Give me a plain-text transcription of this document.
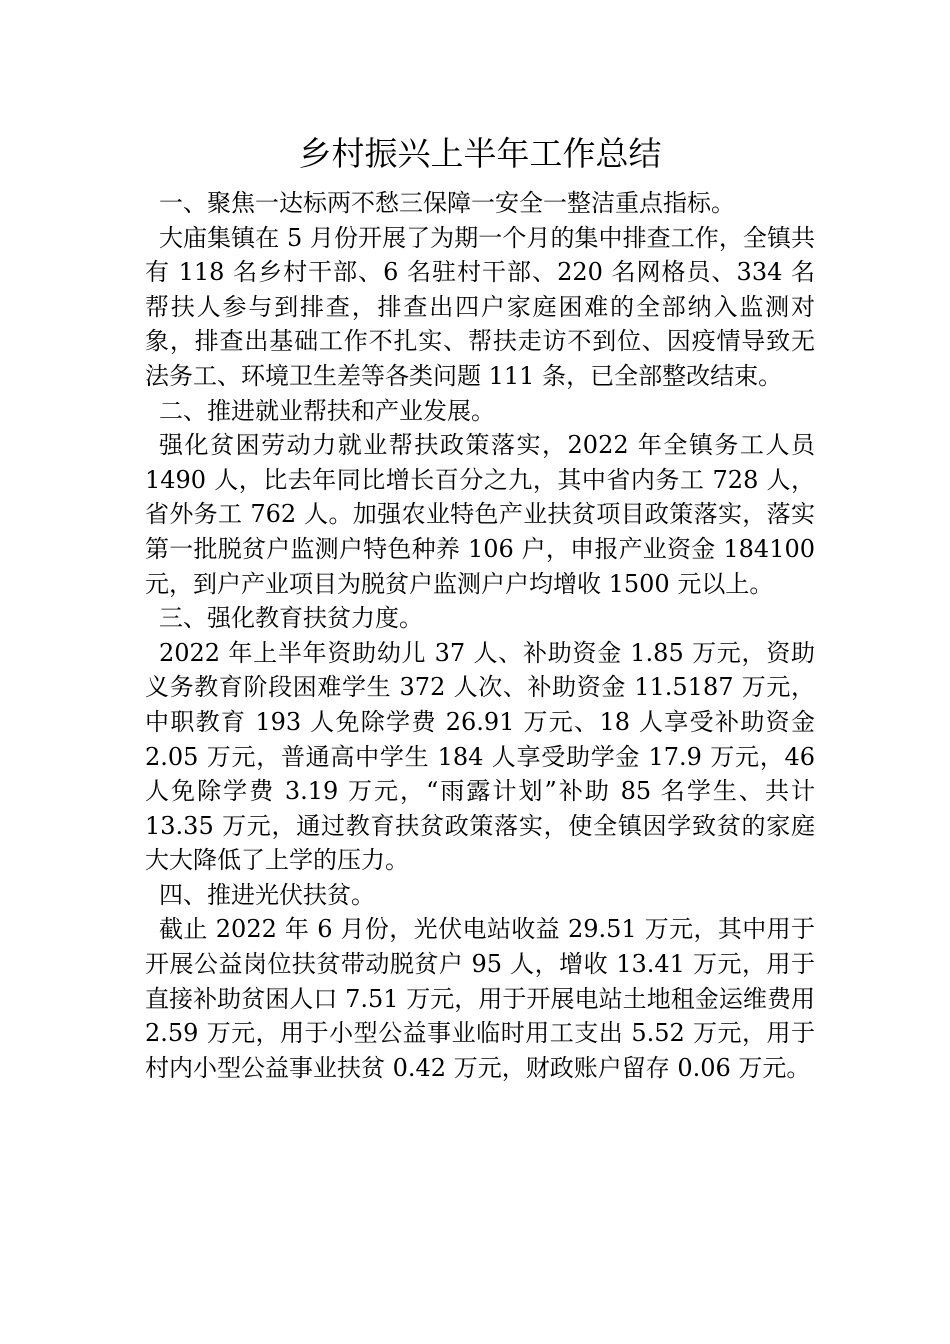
乡村振兴上半年工作总结

一、聚焦一达标两不愁三保障一安全一整洁重点指标。

大庙集镇在 5 月份开展了为期一个月的集中排查工作，全镇共有 118 名乡村干部、6 名驻村干部、220 名网格员、334 名帮扶人参与到排查，排查出四户家庭困难的全部纳入监测对象，排查出基础工作不扎实、帮扶走访不到位、因疫情导致无法务工、环境卫生差等各类问题 111 条，已全部整改结束。

二、推进就业帮扶和产业发展。

强化贫困劳动力就业帮扶政策落实，2022 年全镇务工人员 1490 人，比去年同比增长百分之九，其中省内务工 728 人，省外务工 762 人。加强农业特色产业扶贫项目政策落实，落实第一批脱贫户监测户特色种养 106 户，申报产业资金 184100 元，到户产业项目为脱贫户监测户户均增收 1500 元以上。

三、强化教育扶贫力度。

2022 年上半年资助幼儿 37 人、补助资金 1.85 万元，资助义务教育阶段困难学生 372 人次、补助资金 11.5187 万元，中职教育 193 人免除学费 26.91 万元、18 人享受补助资金 2.05 万元，普通高中学生 184 人享受助学金 17.9 万元，46 人免除学费 3.19 万元，“雨露计划”补助 85 名学生、共计 13.35 万元，通过教育扶贫政策落实，使全镇因学致贫的家庭大大降低了上学的压力。

四、推进光伏扶贫。

截止 2022 年 6 月份，光伏电站收益 29.51 万元，其中用于开展公益岗位扶贫带动脱贫户 95 人，增收 13.41 万元，用于直接补助贫困人口 7.51 万元，用于开展电站土地租金运维费用 2.59 万元，用于小型公益事业临时用工支出 5.52 万元，用于村内小型公益事业扶贫 0.42 万元，财政账户留存 0.06 万元。
